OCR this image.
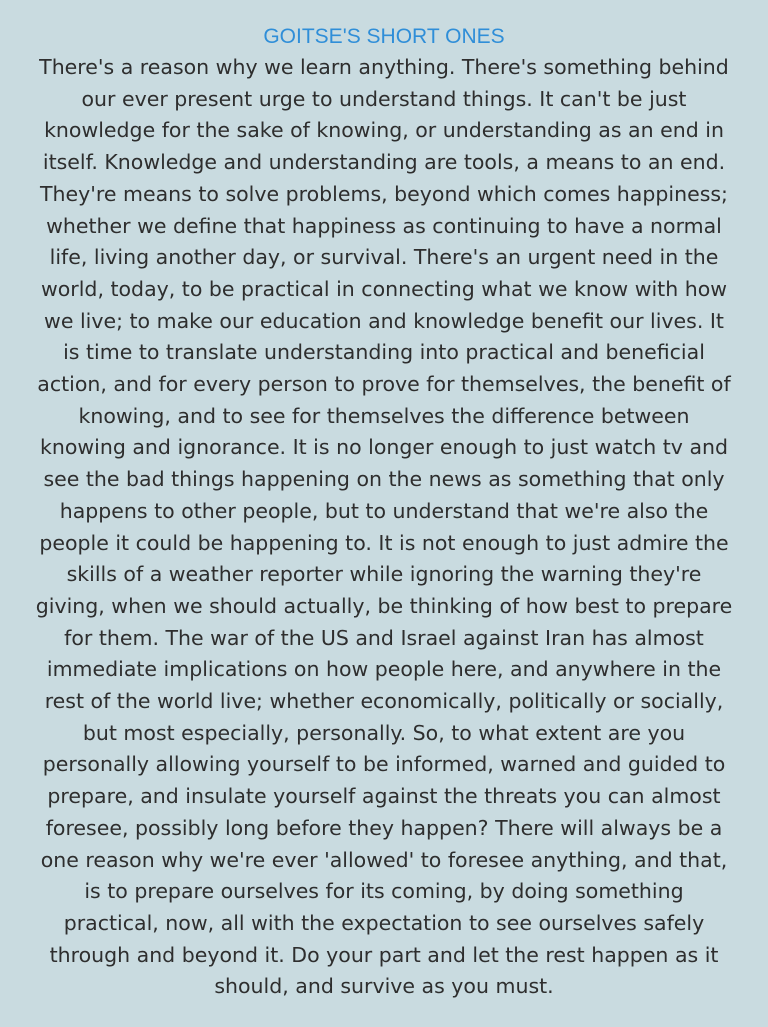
GOITSE'S SHORT ONES

There's a reason why we learn anything. There's something behind
our ever present urge to understand things. It can't be just
knowledge for the sake of knowing, or understanding as an end in
itself. Knowledge and understanding are tools, a means to an end.
They're means to solve problems, beyond which comes happiness;
whether we define that happiness as continuing to have a normal
life, living another day, or survival. There's an urgent need in the
world, today, to be practical in connecting what we know with how
we live; to make our education and knowledge benefit our lives. It
is time to translate understanding into practical and beneficial
action, and for every person to prove for themselves, the benefit of
knowing, and to see for themselves the difference between
knowing and ignorance. It is no longer enough to just watch tv and
see the bad things happening on the news as something that only
happens to other people, but to understand that we're also the
people it could be happening to. It is not enough to just admire the
skills of a weather reporter while ignoring the warning they're
giving, when we should actually, be thinking of how best to prepare
for them. The war of the US and Israel against Iran has almost
immediate implications on how people here, and anywhere in the
rest of the world live; whether economically, politically or socially,
but most especially, personally. So, to what extent are you
personally allowing yourself to be informed, warned and guided to
prepare, and insulate yourself against the threats you can almost
foresee, possibly long before they happen? There will always be a
one reason why we're ever 'allowed' to foresee anything, and that,
is to prepare ourselves for its coming, by doing something
practical, now, all with the expectation to see ourselves safely
through and beyond it. Do your part and let the rest happen as it
should, and survive as you must.
